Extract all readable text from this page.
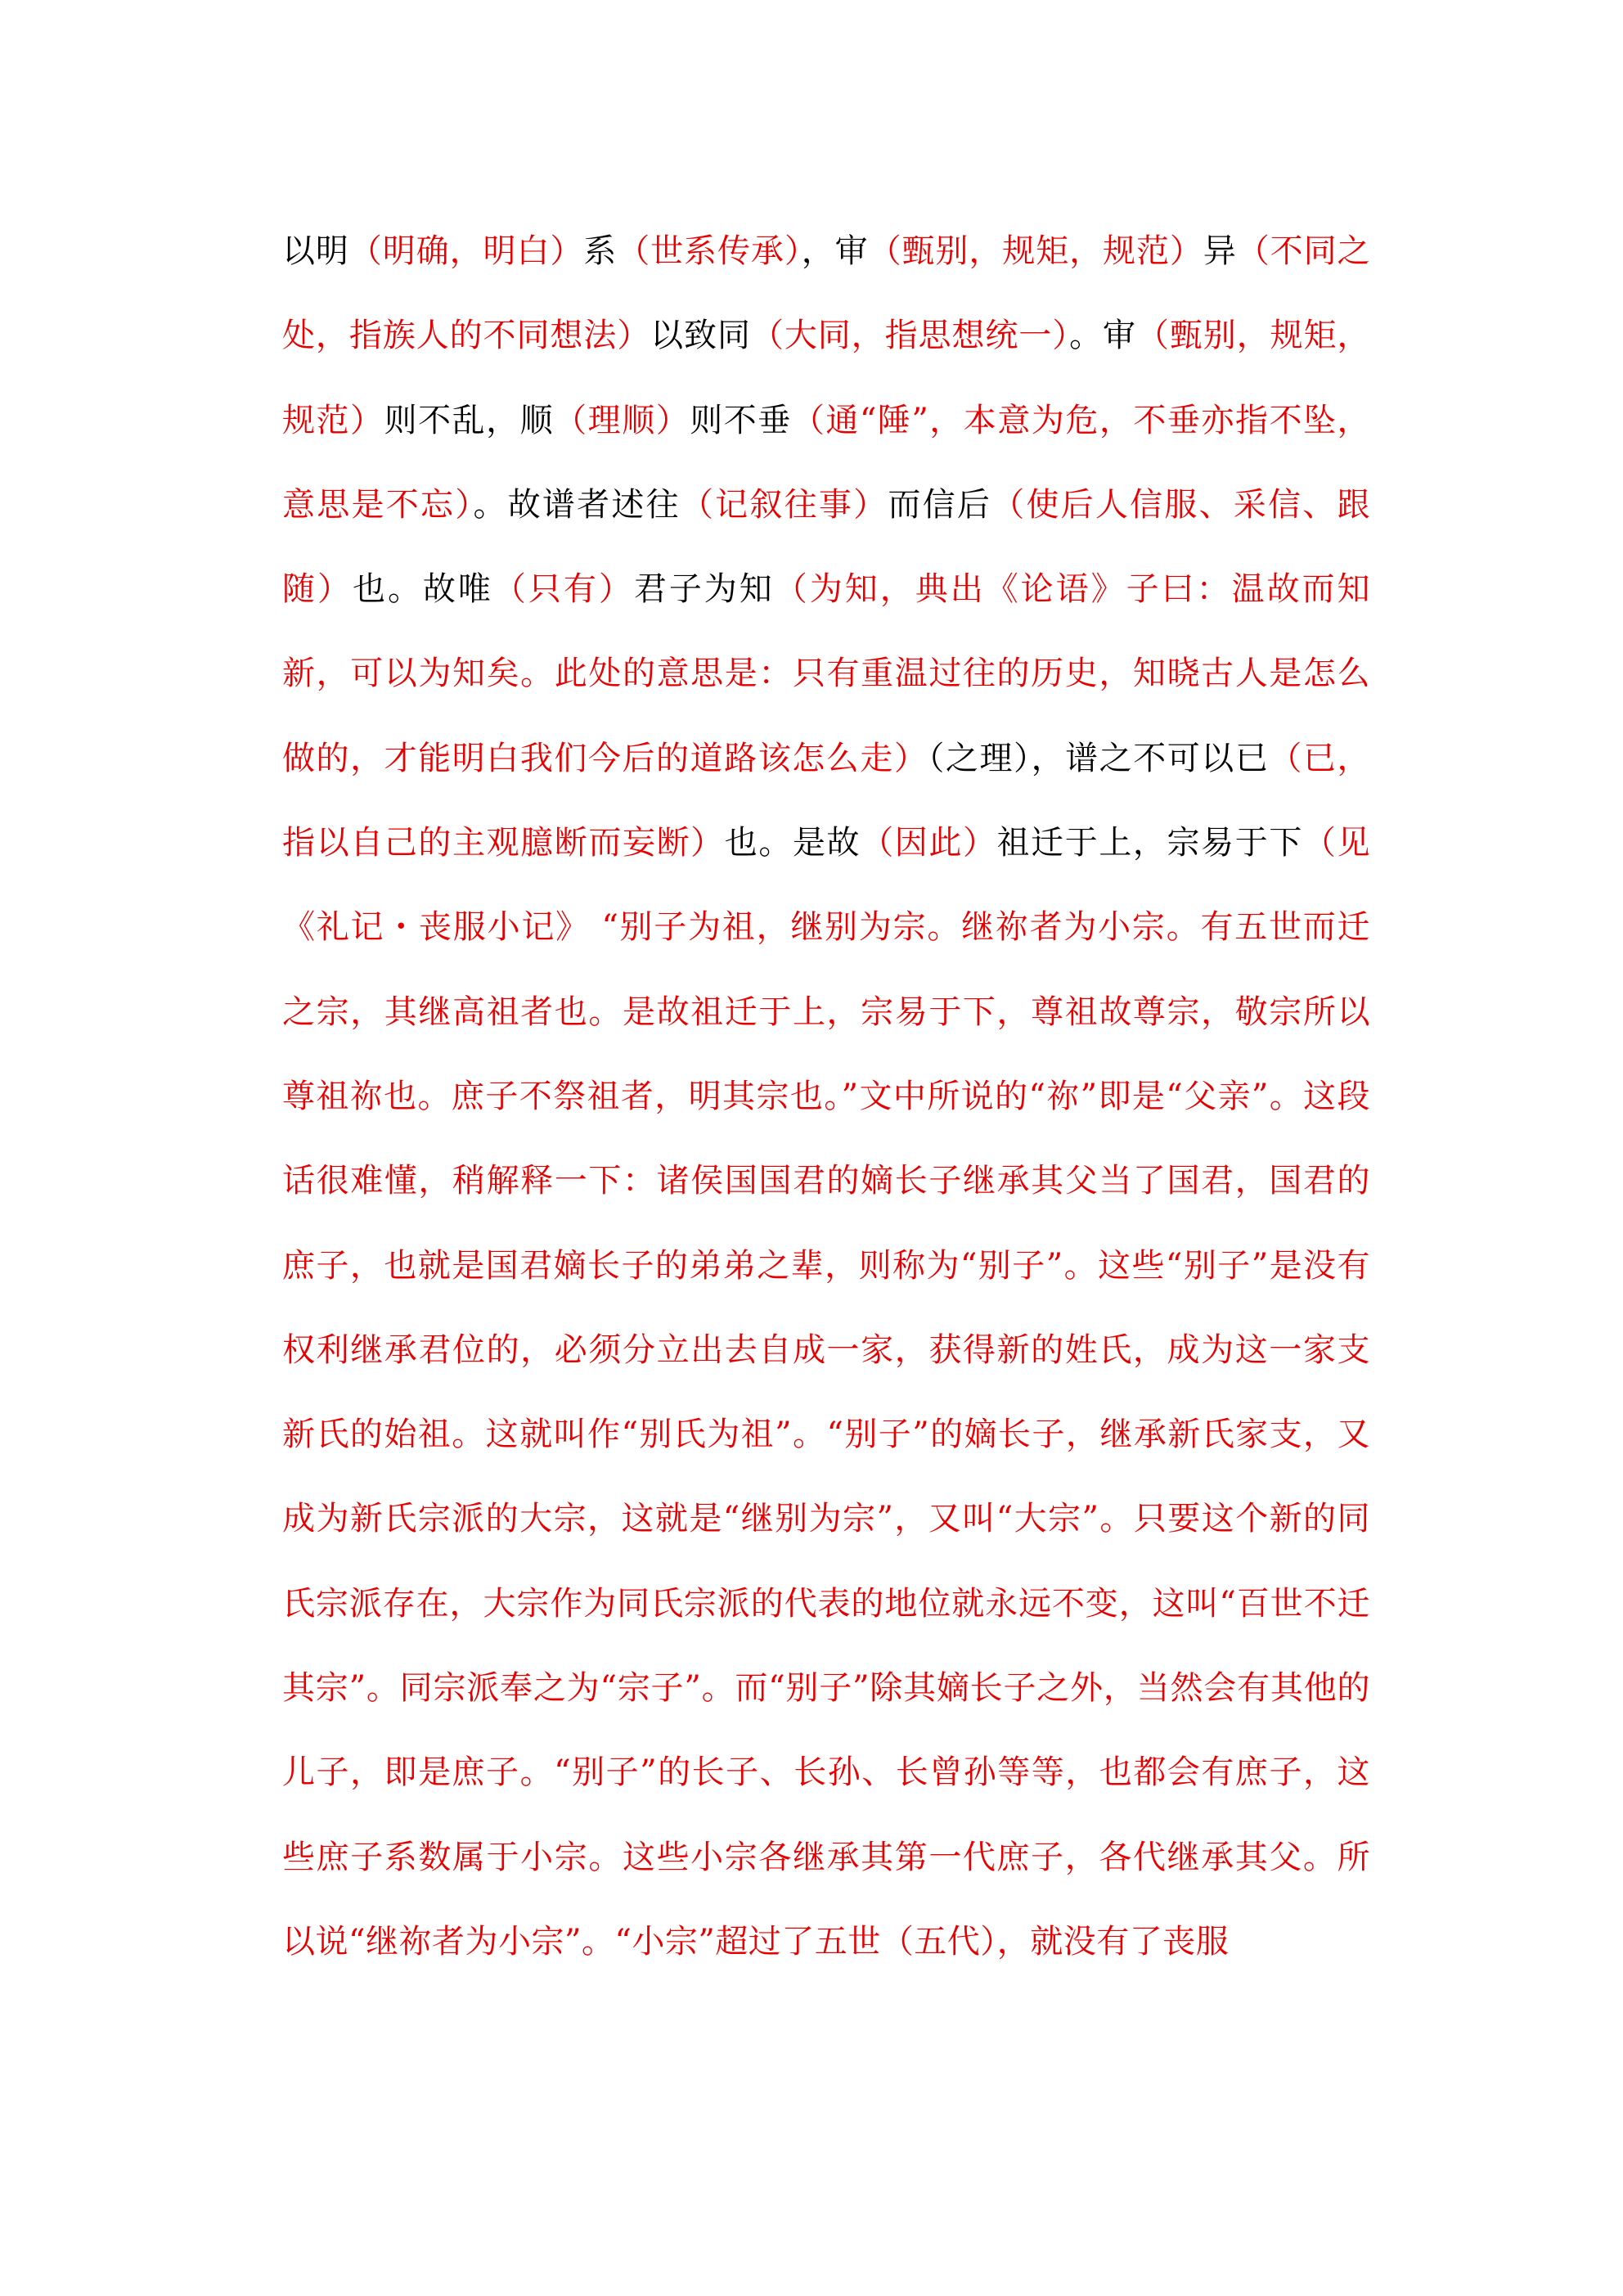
以明（明确，明白）系（世系传承），审（甄别，规矩，规范）异（不同之处，指族人的不同想法）以致同（大同，指思想统一）。审（甄别，规矩，规范）则不乱，顺（理顺）则不垂（通“陲”，本意为危，不垂亦指不坠，意思是不忘）。故谱者述往（记叙往事）而信后（使后人信服、采信、跟随）也。故唯（只有）君子为知（为知，典出《论语》子曰：温故而知新，可以为知矣。此处的意思是：只有重温过往的历史，知晓古人是怎么做的，才能明白我们今后的道路该怎么走）（之理），谱之不可以已（已，指以自己的主观臆断而妄断）也。是故（因此）祖迁于上，宗易于下（见《礼记・丧服小记》 “别子为祖，继别为宗。继祢者为小宗。有五世而迁之宗，其继高祖者也。是故祖迁于上，宗易于下，尊祖故尊宗，敬宗所以尊祖祢也。庶子不祭祖者，明其宗也。”文中所说的“祢”即是“父亲”。这段话很难懂，稍解释一下：诸侯国国君的嫡长子继承其父当了国君，国君的庶子，也就是国君嫡长子的弟弟之辈，则称为“别子”。这些“别子”是没有权利继承君位的，必须分立出去自成一家，获得新的姓氏，成为这一家支新氏的始祖。这就叫作“别氏为祖”。“别子”的嫡长子，继承新氏家支，又成为新氏宗派的大宗，这就是“继别为宗”，又叫“大宗”。只要这个新的同氏宗派存在，大宗作为同氏宗派的代表的地位就永远不变，这叫“百世不迁其宗”。同宗派奉之为“宗子”。而“别子”除其嫡长子之外，当然会有其他的儿子，即是庶子。“别子”的长子、长孙、长曾孙等等，也都会有庶子，这些庶子系数属于小宗。这些小宗各继承其第一代庶子，各代继承其父。所以说“继祢者为小宗”。“小宗”超过了五世（五代），就没有了丧服
